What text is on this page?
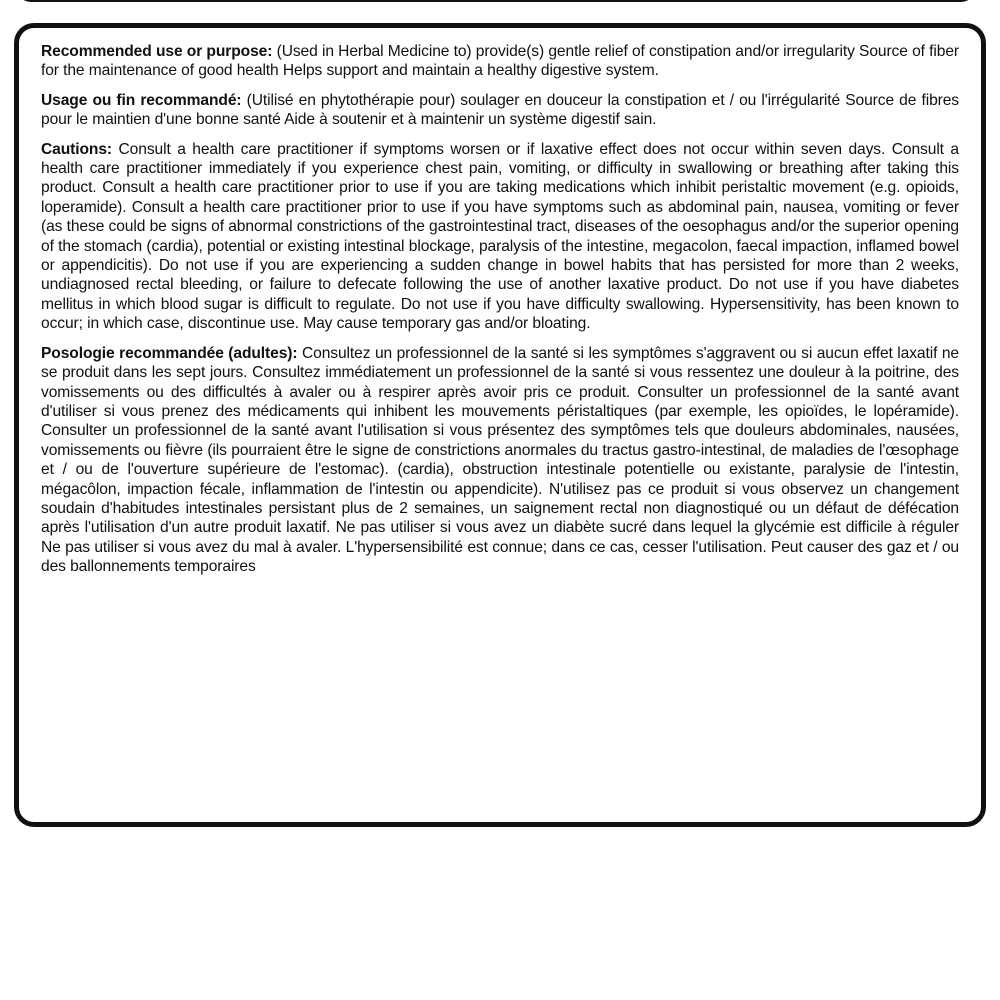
Recommended use or purpose: (Used in Herbal Medicine to) provide(s) gentle relief of constipation and/or irregularity Source of fiber for the maintenance of good health Helps support and maintain a healthy digestive system.

Usage ou fin recommandé: (Utilisé en phytothérapie pour) soulager en douceur la constipation et / ou l'irrégularité Source de fibres pour le maintien d'une bonne santé Aide à soutenir et à maintenir un système digestif sain.

Cautions: Consult a health care practitioner if symptoms worsen or if laxative effect does not occur within seven days. Consult a health care practitioner immediately if you experience chest pain, vomiting, or difficulty in swallowing or breathing after taking this product. Consult a health care practitioner prior to use if you are taking medications which inhibit peristaltic movement (e.g. opioids, loperamide). Consult a health care practitioner prior to use if you have symptoms such as abdominal pain, nausea, vomiting or fever (as these could be signs of abnormal constrictions of the gastrointestinal tract, diseases of the oesophagus and/or the superior opening of the stomach (cardia), potential or existing intestinal blockage, paralysis of the intestine, megacolon, faecal impaction, inflamed bowel or appendicitis). Do not use if you are experiencing a sudden change in bowel habits that has persisted for more than 2 weeks, undiagnosed rectal bleeding, or failure to defecate following the use of another laxative product. Do not use if you have diabetes mellitus in which blood sugar is difficult to regulate. Do not use if you have difficulty swallowing. Hypersensitivity, has been known to occur; in which case, discontinue use. May cause temporary gas and/or bloating.

Posologie recommandée (adultes): Consultez un professionnel de la santé si les symptômes s'aggravent ou si aucun effet laxatif ne se produit dans les sept jours. Consultez immédiatement un professionnel de la santé si vous ressentez une douleur à la poitrine, des vomissements ou des difficultés à avaler ou à respirer après avoir pris ce produit. Consulter un professionnel de la santé avant d'utiliser si vous prenez des médicaments qui inhibent les mouvements péristaltiques (par exemple, les opioïdes, le lopéramide). Consulter un professionnel de la santé avant l'utilisation si vous présentez des symptômes tels que douleurs abdominales, nausées, vomissements ou fièvre (ils pourraient être le signe de constrictions anormales du tractus gastro-intestinal, de maladies de l'œsophage et / ou de l'ouverture supérieure de l'estomac). (cardia), obstruction intestinale potentielle ou existante, paralysie de l'intestin, mégacôlon, impaction fécale, inflammation de l'intestin ou appendicite). N'utilisez pas ce produit si vous observez un changement soudain d'habitudes intestinales persistant plus de 2 semaines, un saignement rectal non diagnostiqué ou un défaut de défécation après l'utilisation d'un autre produit laxatif. Ne pas utiliser si vous avez un diabète sucré dans lequel la glycémie est difficile à réguler Ne pas utiliser si vous avez du mal à avaler. L'hypersensibilité est connue; dans ce cas, cesser l'utilisation. Peut causer des gaz et / ou des ballonnements temporaires
